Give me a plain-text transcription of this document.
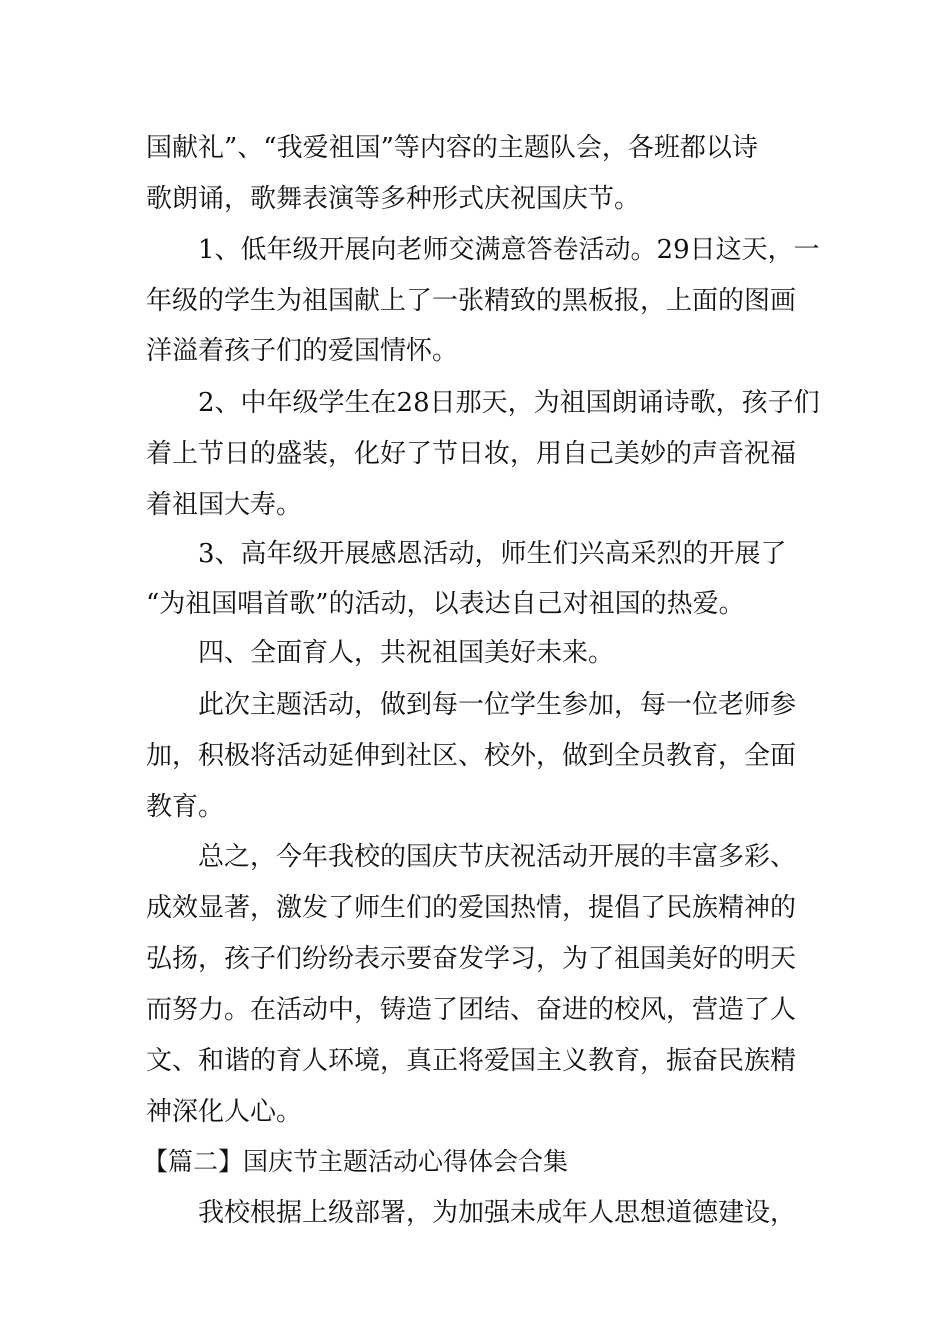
国献礼”、“我爱祖国”等内容的主题队会，各班都以诗
歌朗诵，歌舞表演等多种形式庆祝国庆节。
1、低年级开展向老师交满意答卷活动。29日这天，一
年级的学生为祖国献上了一张精致的黑板报，上面的图画
洋溢着孩子们的爱国情怀。
2、中年级学生在28日那天，为祖国朗诵诗歌，孩子们
着上节日的盛装，化好了节日妆，用自己美妙的声音祝福
着祖国大寿。
3、高年级开展感恩活动，师生们兴高采烈的开展了
“为祖国唱首歌”的活动，以表达自己对祖国的热爱。
四、全面育人，共祝祖国美好未来。
此次主题活动，做到每一位学生参加，每一位老师参
加，积极将活动延伸到社区、校外，做到全员教育，全面
教育。
总之，今年我校的国庆节庆祝活动开展的丰富多彩、
成效显著，激发了师生们的爱国热情，提倡了民族精神的
弘扬，孩子们纷纷表示要奋发学习，为了祖国美好的明天
而努力。在活动中，铸造了团结、奋进的校风，营造了人
文、和谐的育人环境，真正将爱国主义教育，振奋民族精
神深化人心。
【篇二】国庆节主题活动心得体会合集
我校根据上级部署，为加强未成年人思想道德建设，
